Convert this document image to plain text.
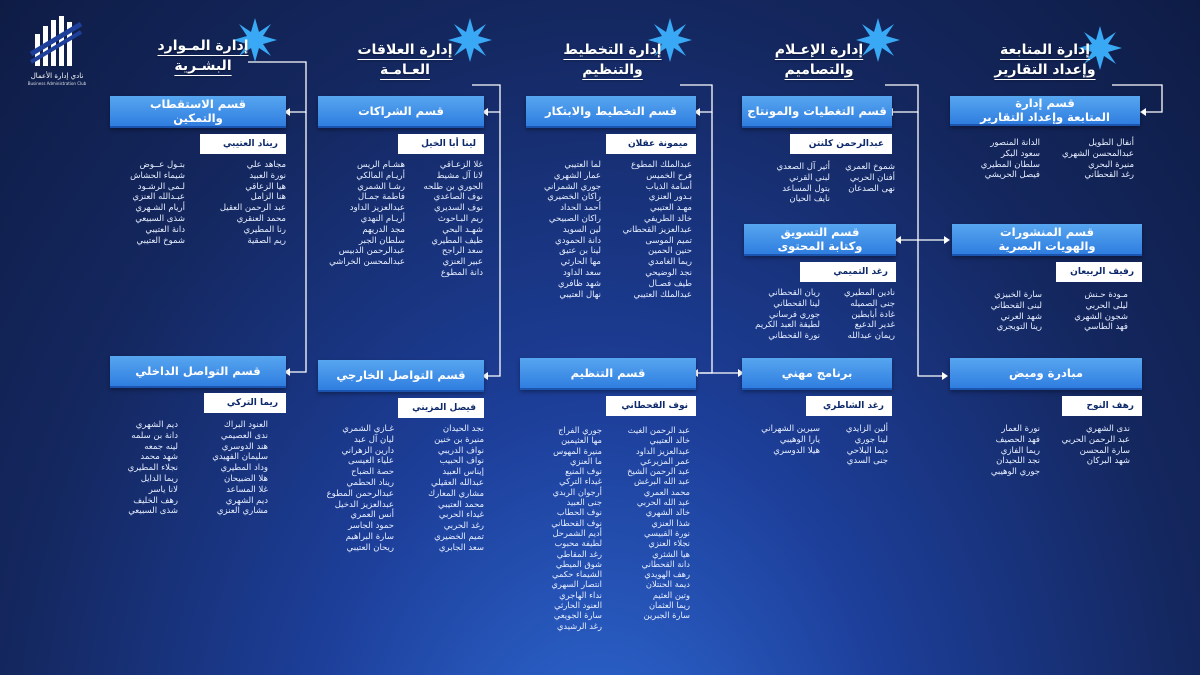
نادي إدارة الأعمال
Business Administration Club
إدارة المـوارد
البشـرية
إدارة العلاقات
العـامـة
إدارة التخطيط
والتنظيم
إدارة الإعـلام
والتصاميم
إدارة المتابعة
وإعداد التقارير
قسم الاستقطاب
والتمكين
ريناد العتيبي
بتـول عــوض
شيماء الحشاش
لـمى الرشـود
عبـدالله العنزي
أريام الشـهري
شذى السبيعي
دانة العتيبي
شموخ العتيبي
مجاهد علي
نورة العبيد
هيا الزعاقي
هنا الزامل
عبد الرحمن العقيل
محمد العنقري
رنا المطيري
ريم الصقية
قسم الشراكات
لينا أبا الخيل
غلا الزعـاقي
لانا آل مشيط
الجوري بن طلحه
نوف الصاعدي
نوف السديري
ريم البـاحوث
شهـد البحي
طيف المطيري
سعد الراجح
عبير العنزي
دانة المطوع
هشـام الريس
أريـام المالكي
رشـا الشمري
فاطمة جمـال
عبدالعزيز الداود
أريـام النهدي
مجد الدريهم
سلطان الجبر
عبدالرحمن الدبيس
عبدالمحسن الخراشي
قسم التخطيط والابتكار
ميمونة عقلان
عبدالملك المطوع
فرح الخميس
أسامة الذياب
بـدور العنزي
مهـد العتيبي
خالد الطريفي
عبدالعزيز القحطاني
تميم الموسى
حنين الحمين
ريما الغامدي
نجد الوضيحي
طيف فصـال
عبدالملك العتيبي
لما العتيبي
عمار الشهري
جوري الشمراني
راكان الخضيري
أحمد الحداد
راكان الصبيحي
لين السويد
دانة الحمودي
لينا بن عتيق
مها الحارثي
سعد الداود
شهد ظافري
نهال العتيبي
قسم التغطيات والمونتاج
عبدالرحمن كلنتن
شموخ العمري
أفنان الحربي
نهى الصدعان
أثير آل الصعدي
لبنى القرني
بتول المساعد
نايف الحيان
قسم إدارة
المتابعة وإعداد التقارير
أنفال الطويل
عبدالمحسن الشهري
منيرة البحري
رغد القحطاني
الدانة المنصور
سعود البكر
سلطان المطيري
فيصل الحريشي
قسم التسويق
وكتابة المحتوى
رغد التميمي
نادين المطيري
جنى الصميله
غادة أبابطين
غدير الدعيع
ريمان عبدالله
ريان القحطاني
لينا القحطاني
جوري فرساني
لطيفة العبد الكريم
نورة القحطاني
قسم المنشورات
والهويات البصرية
رفيف الربيعان
مـودة حـنش
ليلى الحربي
شجون الشهري
فهد الطاسي
سارة الخبيزي
لبنى القحطاني
شهد العرني
رينا التويجري
قسم التواصل الداخلي
ريما التركي
العنود البراك
ندى العصيمي
هند الدوسري
سليمان الفهيدي
وداد المطيري
هلا الضبيحان
غلا المساعد
ديم الشهري
مشاري العنزي
ديم الشهري
دانة بن سلمه
لينه جمعه
شهد محمد
نجلاء المطيري
ريما الدايل
لانا ياسر
رهف الخليف
شذى السبيعي
قسم التواصل الخارجي
فيصل المزيني
نجد الحيدان
منيرة بن خنين
نواف الدريبي
نواف الحبيب
إيناس العبيد
عبدالله العقيلي
مشاري المعارك
محمد العتيبي
غيداء الحربي
رغد الحربي
تميم الخضيري
سعد الجابري
غـازي الشمري
ليان آل عبد
دارين الزهراني
علياء العيسى
حصة الضباح
ريناد الحطمي
عبدالرحمن المطوع
عبدالعزيز الدخيل
أنس العمري
حمود الجاسر
سارة البراهيم
ريحان العتيبي
قسم التنظيم
نوف القحطاني
عبد الرحمن الغيث
خالد العتيبي
عبدالعزيز الداود
عمر المزيرعي
عبد الرحمن الشيخ
عبد الله البرغش
محمد العمري
عبد الله الحربي
خالد الشهري
شذا العنزي
نورة القبيسي
نجلاء العنزي
هيا الشثري
دانة القحطاني
رهف الهويدي
ديمة الحنتلان
وتين العثيم
ريما العثمان
سارة الجبرين
جوري الفراج
مها العثيمين
منيرة المهوس
ما العنزي
نوف المنيع
غيداء التركي
أرجوان الربدي
جنى العبيد
نوف الحطاب
نوف القحطاني
أديم الشمرحل
لطيفة محبوب
رغد المقاطي
شوق الميطي
الشيماء حكمي
انتصار السهري
نداء الهاجري
العنود الحارثي
سارة الجويعي
رغد الرشيدي
برنامج مهني
رغد الشاطري
ألين الزايدي
لينا جوري
ديما البلاحي
جنى السدي
سيرين الشهراني
يارا الوهيبي
هيلا الدوسري
مبادرة وميض
رهف النوح
ندى الشهري
عبد الرحمن الحربي
سارة المحسن
شهد البركان
نورة العمار
فهد الحصيف
ريما الفازي
نجد اللحيدان
جوري الوهيبي
